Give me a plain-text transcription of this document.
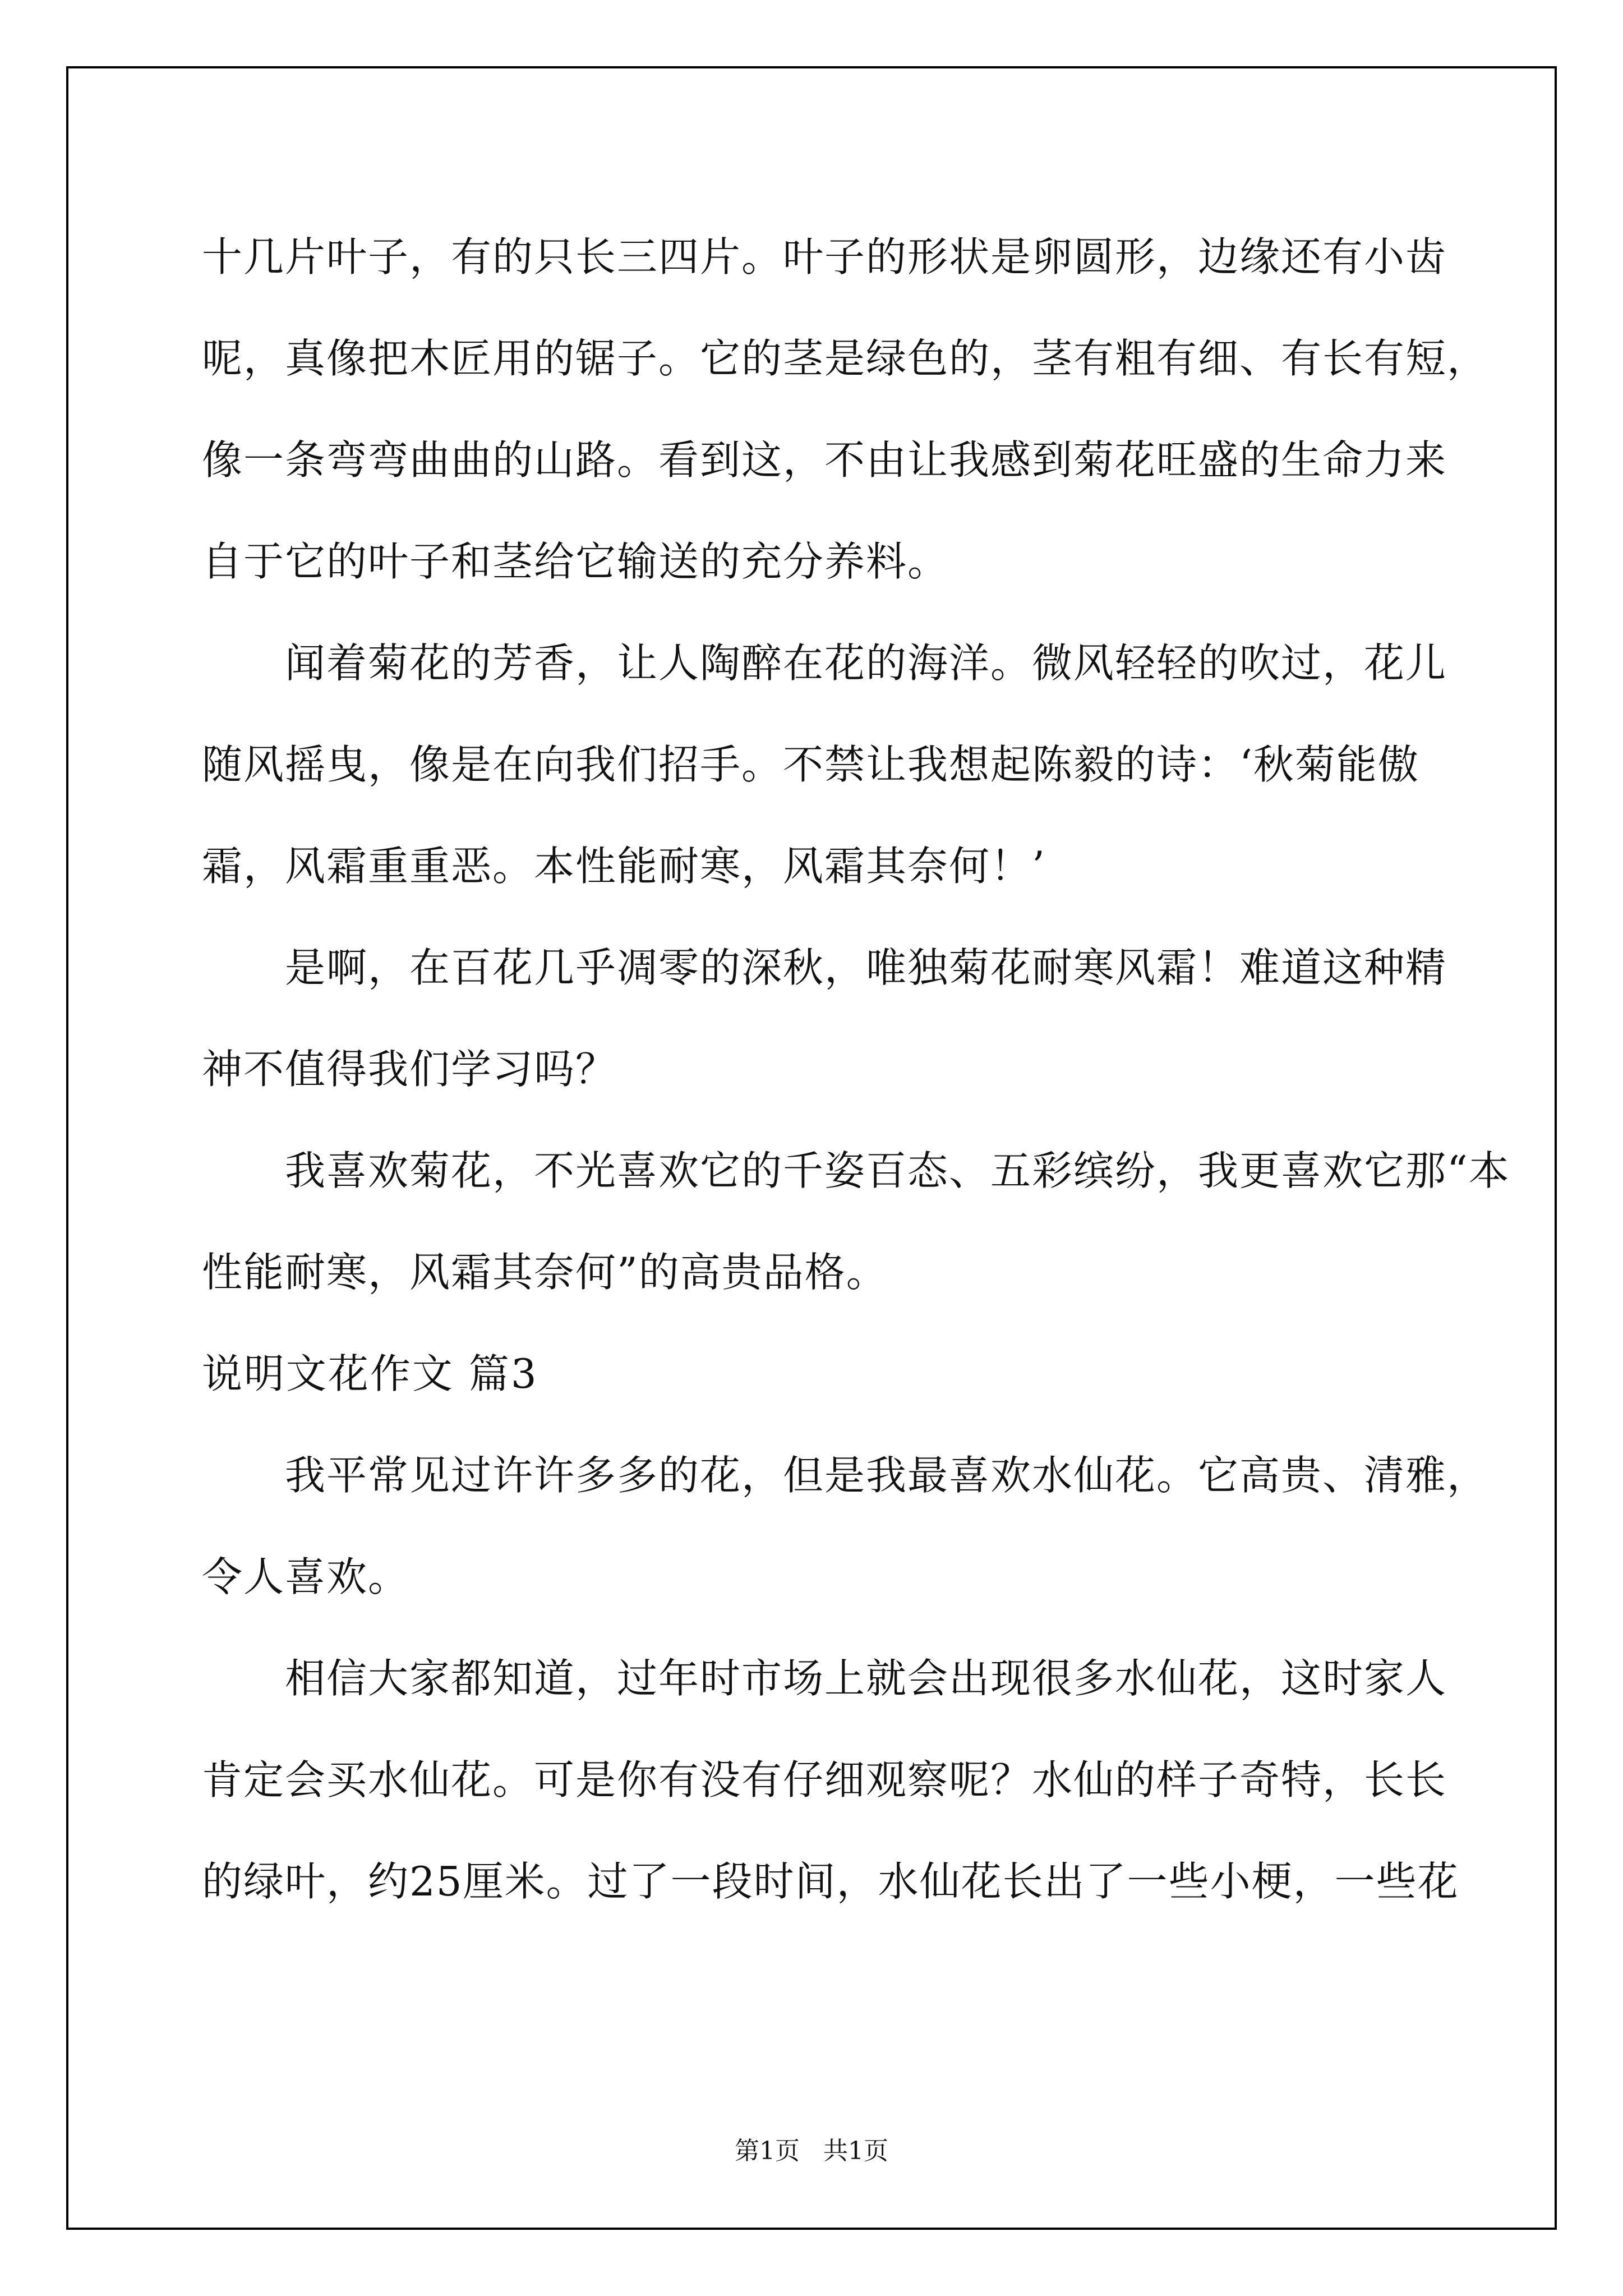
十几片叶子，有的只长三四片。叶子的形状是卵圆形，边缘还有小齿
呢，真像把木匠用的锯子。它的茎是绿色的，茎有粗有细、有长有短，
像一条弯弯曲曲的山路。看到这，不由让我感到菊花旺盛的生命力来
自于它的叶子和茎给它输送的充分养料。
闻着菊花的芳香，让人陶醉在花的海洋。微风轻轻的吹过，花儿
随风摇曳，像是在向我们招手。不禁让我想起陈毅的诗：‘秋菊能傲
霜，风霜重重恶。本性能耐寒，风霜其奈何！’
是啊，在百花几乎凋零的深秋，唯独菊花耐寒风霜！难道这种精
神不值得我们学习吗？
我喜欢菊花，不光喜欢它的千姿百态、五彩缤纷，我更喜欢它那“本
性能耐寒，风霜其奈何”的高贵品格。
说明文花作文 篇3
我平常见过许许多多的花，但是我最喜欢水仙花。它高贵、清雅，
令人喜欢。
相信大家都知道，过年时市场上就会出现很多水仙花，这时家人
肯定会买水仙花。可是你有没有仔细观察呢？水仙的样子奇特，长长
的绿叶，约25厘米。过了一段时间，水仙花长出了一些小梗，一些花
第1页   共1页
